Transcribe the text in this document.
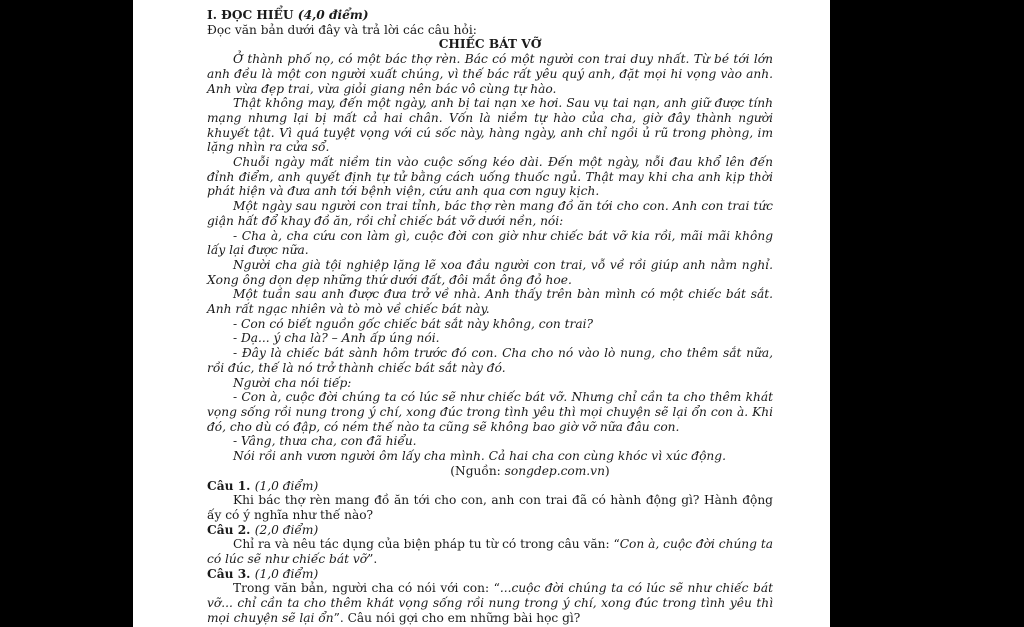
I. ĐỌC HIỂU (4,0 điểm)

Đọc văn bản dưới đây và trả lời các câu hỏi:

CHIẾC BÁT VỠ

Ở thành phố nọ, có một bác thợ rèn. Bác có một người con trai duy nhất. Từ bé tới lớn anh đều là một con người xuất chúng, vì thế bác rất yêu quý anh, đặt mọi hi vọng vào anh. Anh vừa đẹp trai, vừa giỏi giang nên bác vô cùng tự hào.

Thật không may, đến một ngày, anh bị tai nạn xe hơi. Sau vụ tai nạn, anh giữ được tính mạng nhưng lại bị mất cả hai chân. Vốn là niềm tự hào của cha, giờ đây thành người khuyết tật. Vì quá tuyệt vọng với cú sốc này, hàng ngày, anh chỉ ngồi ủ rũ trong phòng, im lặng nhìn ra cửa sổ.

Chuỗi ngày mất niềm tin vào cuộc sống kéo dài. Đến một ngày, nỗi đau khổ lên đến đỉnh điểm, anh quyết định tự tử bằng cách uống thuốc ngủ. Thật may khi cha anh kịp thời phát hiện và đưa anh tới bệnh viện, cứu anh qua cơn nguy kịch.

Một ngày sau người con trai tỉnh, bác thợ rèn mang đồ ăn tới cho con. Anh con trai tức giận hất đổ khay đồ ăn, rồi chỉ chiếc bát vỡ dưới nền, nói:

- Cha à, cha cứu con làm gì, cuộc đời con giờ như chiếc bát vỡ kia rồi, mãi mãi không lấy lại được nữa.

Người cha già tội nghiệp lặng lẽ xoa đầu người con trai, vỗ về rồi giúp anh nằm nghỉ. Xong ông dọn dẹp những thứ dưới đất, đôi mắt ông đỏ hoe.

Một tuần sau anh được đưa trở về nhà. Anh thấy trên bàn mình có một chiếc bát sắt. Anh rất ngạc nhiên và tò mò về chiếc bát này.

- Con có biết nguồn gốc chiếc bát sắt này không, con trai?

- Dạ... ý cha là? – Anh ấp úng nói.

- Đây là chiếc bát sành hôm trước đó con. Cha cho nó vào lò nung, cho thêm sắt nữa, rồi đúc, thế là nó trở thành chiếc bát sắt này đó.

Người cha nói tiếp:

- Con à, cuộc đời chúng ta có lúc sẽ như chiếc bát vỡ. Nhưng chỉ cần ta cho thêm khát vọng sống rồi nung trong ý chí, xong đúc trong tình yêu thì mọi chuyện sẽ lại ổn con à. Khi đó, cho dù có đập, có ném thế nào ta cũng sẽ không bao giờ vỡ nữa đâu con.

- Vâng, thưa cha, con đã hiểu.

Nói rồi anh vươn người ôm lấy cha mình. Cả hai cha con cùng khóc vì xúc động.

(Nguồn: songdep.com.vn)

Câu 1. (1,0 điểm)

Khi bác thợ rèn mang đồ ăn tới cho con, anh con trai đã có hành động gì? Hành động ấy có ý nghĩa như thế nào?

Câu 2. (2,0 điểm)

Chỉ ra và nêu tác dụng của biện pháp tu từ có trong câu văn: “Con à, cuộc đời chúng ta có lúc sẽ như chiếc bát vỡ”.

Câu 3. (1,0 điểm)

Trong văn bản, người cha có nói với con: “...cuộc đời chúng ta có lúc sẽ như chiếc bát vỡ... chỉ cần ta cho thêm khát vọng sống rồi nung trong ý chí, xong đúc trong tình yêu thì mọi chuyện sẽ lại ổn”. Câu nói gợi cho em những bài học gì?
